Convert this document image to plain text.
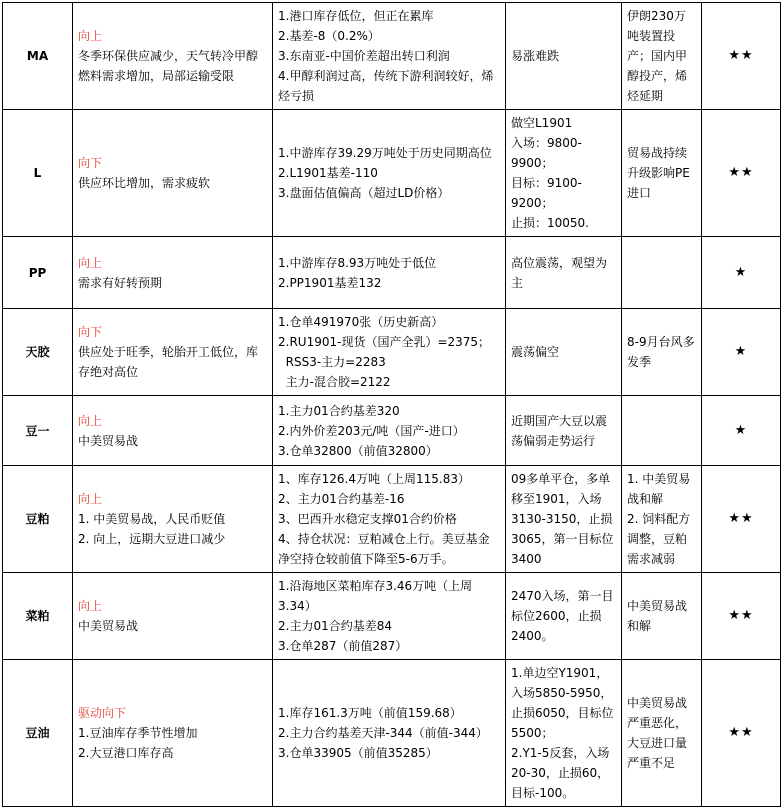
MA	向上
冬季环保供应减少，天气转冷甲醇燃料需求增加，局部运输受限	1.港口库存低位，但正在累库
2.基差-8（0.2%）
3.东南亚-中国价差超出转口利润
4.甲醇利润过高，传统下游利润较好，烯烃亏损	易涨难跌	伊朗230万吨装置投产；国内甲醇投产，烯烃延期	★★
L	向下
供应环比增加，需求疲软	1.中游库存39.29万吨处于历史同期高位
2.L1901基差-110
3.盘面估值偏高（超过LD价格）	做空L1901
入场：9800-9900；
目标：9100-9200；
止损：10050.	贸易战持续升级影响PE进口	★★
PP	向上
需求有好转预期	1.中游库存8.93万吨处于低位
2.PP1901基差132	高位震荡，观望为主		★
天胶	向下
供应处于旺季，轮胎开工低位，库存绝对高位	1.仓单491970张（历史新高）
2.RU1901-现货（国产全乳）=2375；
RSS3-主力=2283
主力-混合胶=2122	震荡偏空	8-9月台风多发季	★
豆一	向上
中美贸易战	1.主力01合约基差320
2.内外价差203元/吨（国产-进口）
3.仓单32800（前值32800）	近期国产大豆以震荡偏弱走势运行		★
豆粕	向上
1. 中美贸易战，人民币贬值
2. 向上，远期大豆进口减少	1、库存126.4万吨（上周115.83）
2、主力01合约基差-16
3、巴西升水稳定支撑01合约价格
4、持仓状况：豆粕减仓上行。美豆基金净空持仓较前值下降至5-6万手。	09多单平仓，多单移至1901，入场3130-3150，止损3065，第一目标位3400	1. 中美贸易战和解
2. 饲料配方调整，豆粕需求减弱	★★
菜粕	向上
中美贸易战	1.沿海地区菜粕库存3.46万吨（上周3.34）
2.主力01合约基差84
3.仓单287（前值287）	2470入场，第一目标位2600，止损2400。	中美贸易战和解	★★
豆油	驱动向下
1.豆油库存季节性增加
2.大豆港口库存高	1.库存161.3万吨（前值159.68）
2.主力合约基差天津-344（前值-344）
3.仓单33905（前值35285）	1.单边空Y1901，入场5850-5950，止损6050，目标位5500；
2.Y1-5反套，入场20-30，止损60，目标-100。	中美贸易战严重恶化，大豆进口量严重不足	★★
